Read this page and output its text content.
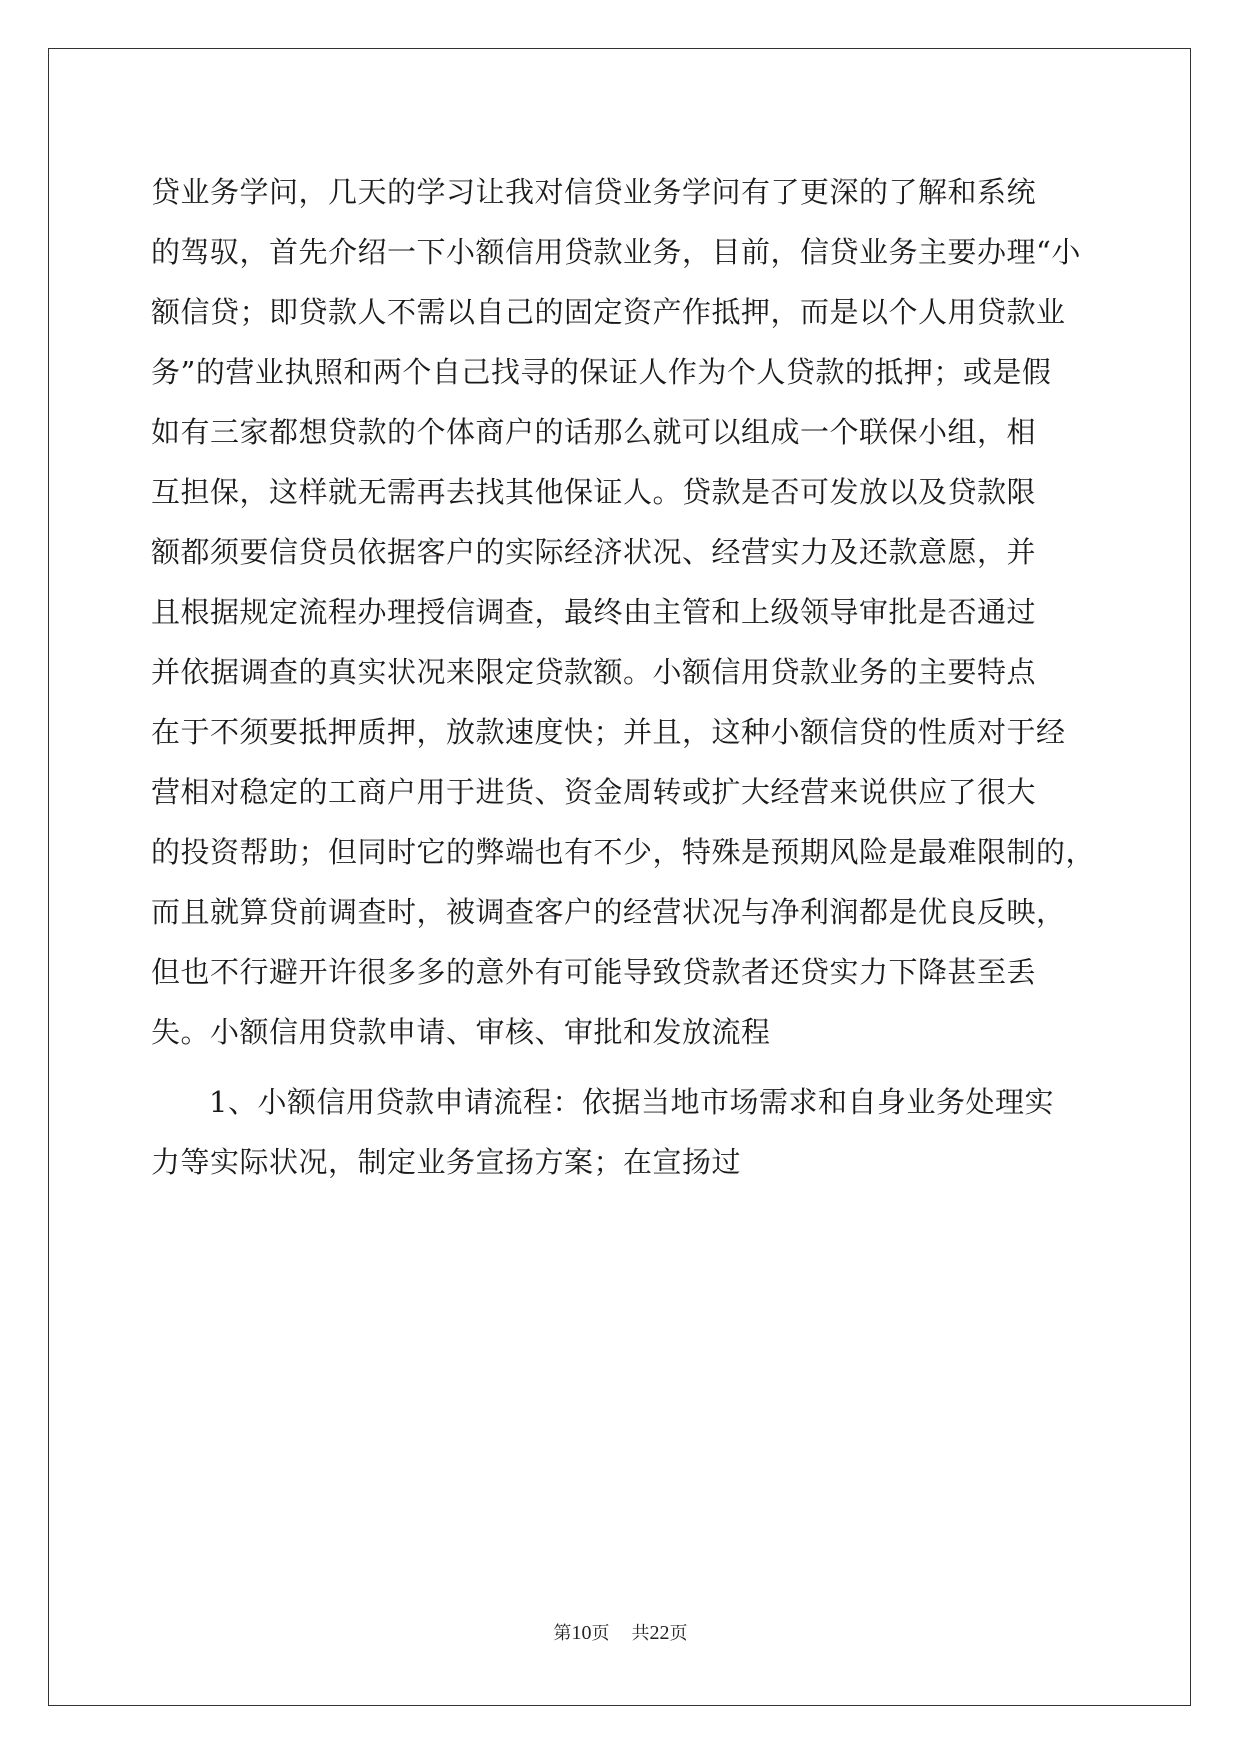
贷业务学问，几天的学习让我对信贷业务学问有了更深的了解和系统
的驾驭，首先介绍一下小额信用贷款业务，目前，信贷业务主要办理“小
额信贷；即贷款人不需以自己的固定资产作抵押，而是以个人用贷款业
务”的营业执照和两个自己找寻的保证人作为个人贷款的抵押；或是假
如有三家都想贷款的个体商户的话那么就可以组成一个联保小组，相
互担保，这样就无需再去找其他保证人。贷款是否可发放以及贷款限
额都须要信贷员依据客户的实际经济状况、经营实力及还款意愿，并
且根据规定流程办理授信调查，最终由主管和上级领导审批是否通过
并依据调查的真实状况来限定贷款额。小额信用贷款业务的主要特点
在于不须要抵押质押，放款速度快；并且，这种小额信贷的性质对于经
营相对稳定的工商户用于进货、资金周转或扩大经营来说供应了很大
的投资帮助；但同时它的弊端也有不少，特殊是预期风险是最难限制的，
而且就算贷前调查时，被调查客户的经营状况与净利润都是优良反映，
但也不行避开许很多多的意外有可能导致贷款者还贷实力下降甚至丢
失。小额信用贷款申请、审核、审批和发放流程
1、小额信用贷款申请流程：依据当地市场需求和自身业务处理实
力等实际状况，制定业务宣扬方案；在宣扬过
第10页 共22页
